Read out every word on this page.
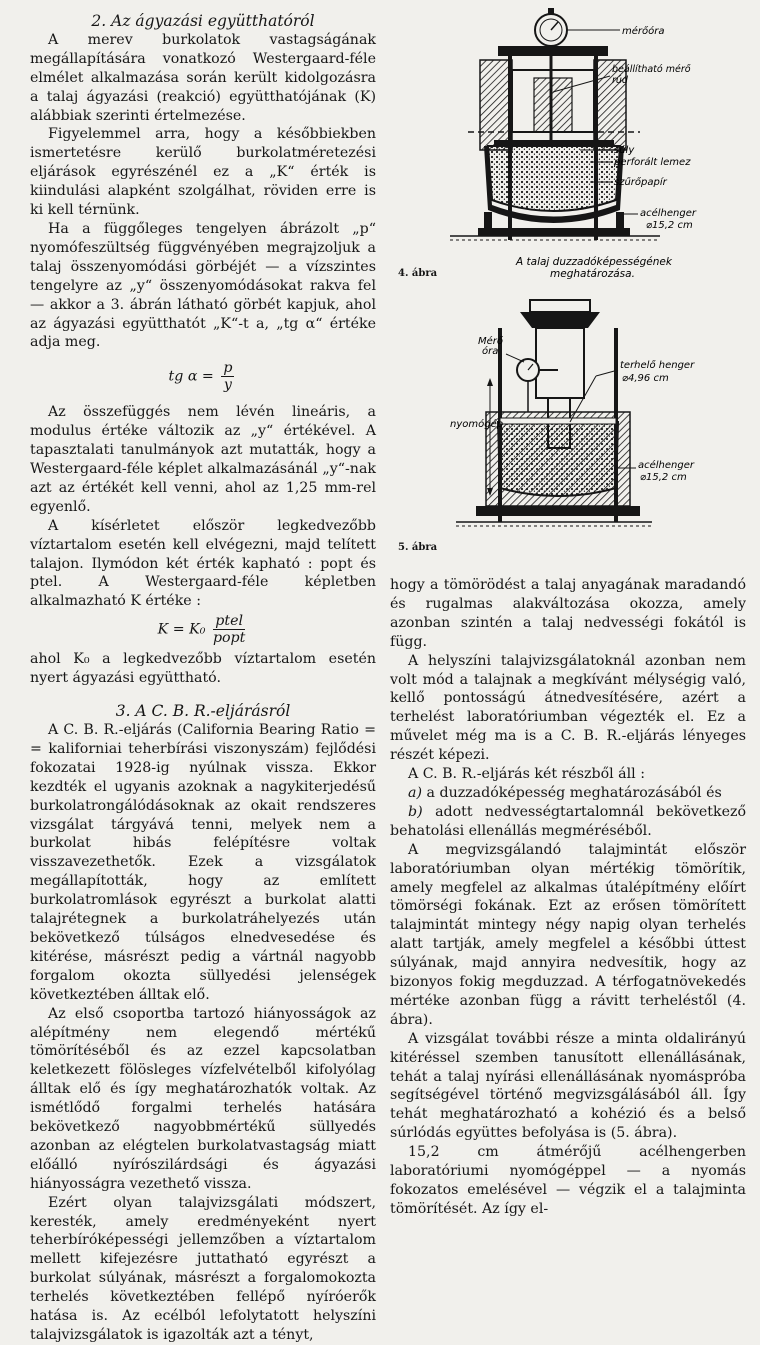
2. Az ágyazási együtthatóról

A merev burkolatok vastagságának megállapítására vonatkozó Westergaard-féle elmélet alkalmazása során került kidolgozásra a talaj ágyazási (reakció) együtthatójának (K) alábbiak szerinti értelmezése.

Figyelemmel arra, hogy a későbbiekben ismertetésre kerülő burkolatméretezési eljárások egyrészénél ez a „K“ érték is kiindulási alapként szolgálhat, röviden erre is ki kell térnünk.

Ha a függőleges tengelyen ábrázolt „p“ nyomófeszültség függvényében megrajzoljuk a talaj összenyomódási görbéjét — a vízszintes tengelyre az „y“ összenyomódásokat rakva fel — akkor a 3. ábrán látható görbét kapjuk, ahol az ágyazási együtthatót „K“-t a, „tg α“ értéke adja meg.

tg $\alpha = \frac{p}{y}$

Az összefüggés nem lévén lineáris, a modulus értéke változik az „y“ értékével. A tapasztalati tanulmányok azt mutatták, hogy a Westergaard-féle képlet alkalmazásánál „y“-nak azt az értékét kell venni, ahol az 1,25 mm-rel egyenlő.

A kísérletet először legkedvezőbb víztartalom esetén kell elvégezni, majd telített talajon. Ilymódon két érték kapható : popt és ptel. A Westergaard-féle képletben alkalmazható K értéke :

$K = K_0 \frac{\text{ptel}}{\text{popt}}$

ahol K₀ a legkedvezőbb víztartalom esetén nyert ágyazási együttható.

3. A C. B. R.-eljárásról

A C. B. R.-eljárás (California Bearing Ratio = = kaliforniai teherbírási viszonyszám) fejlődési fokozatai 1928-ig nyúlnak vissza. Ekkor kezdték el ugyanis azoknak a nagykiterjedésű burkolatrongálódásoknak az okait rendszeres vizsgálat tárgyává tenni, melyek nem a burkolat hibás felépítésre voltak visszavezethetők. Ezek a vizsgálatok megállapították, hogy az említett burkolatromlások egyrészt a burkolat alatti talajrétegnek a burkolatráhelyezés után bekövetkező túlságos elnedvesedése és kitérése, másrészt pedig a vártnál nagyobb forgalom okozta süllyedési jelenségek következtében álltak elő.

Az első csoportba tartozó hiányosságok az alépítmény nem elegendő mértékű tömörítéséből és az ezzel kapcsolatban keletkezett fölösleges vízfelvételből kifolyólag álltak elő és így meghatározhatók voltak. Az ismétlődő forgalmi terhelés hatására bekövetkező nagyobbmértékű süllyedés azonban az elégtelen burkolatvastagság miatt előálló nyírószilárdsági és ágyazási hiányosságra vezethető vissza.

Ezért olyan talajvizsgálati módszert, keresték, amely eredményeként nyert teherbíróképességi jellemzőben a víztartalom mellett kifejezésre juttatható egyrészt a burkolat súlyának, másrészt a forgalomokozta terhelés következtében fellépő nyíróerők hatása is. Az ecélból lefolytatott helyszíni talajvizsgálatok is igazolták azt a tényt,

mérőóra
beállítható mérő
rúd
súly
perforált lemez
szűrőpapír
acélhenger
⌀15,2 cm
A talaj duzzadóképességének
meghatározása.
4. ábra
Mérő
óra
terhelő henger
⌀4,96 cm
nyomógép
acélhenger
⌀15,2 cm
5. ábra

hogy a tömörödést a talaj anyagának maradandó és rugalmas alakváltozása okozza, amely azonban szintén a talaj nedvességi fokától is függ.

A helyszíni talajvizsgálatoknál azonban nem volt mód a talajnak a megkívánt mélységig való, kellő pontosságú átnedvesítésére, azért a terhelést laboratóriumban végezték el. Ez a művelet még ma is a C. B. R.-eljárás lényeges részét képezi.

A C. B. R.-eljárás két részből áll :

a) a duzzadóképesség meghatározásából és

b) adott nedvességtartalomnál bekövetkező behatolási ellenállás megméréséből.

A megvizsgálandó talajmintát először laboratóriumban olyan mértékig tömörítik, amely megfelel az alkalmas útalépítmény előírt tömörségi fokának. Ezt az erősen tömörített talajmintát mintegy négy napig olyan terhelés alatt tartják, amely megfelel a későbbi úttest súlyának, majd annyira nedvesítik, hogy az bizonyos fokig megduzzad. A térfogatnövekedés mértéke azonban függ a rávitt terheléstől (4. ábra).

A vizsgálat további része a minta oldalirányú kitéréssel szemben tanusított ellenállásának, tehát a talaj nyírási ellenállásának nyomáspróba segítségével történő megvizsgálásából áll. Így tehát meghatározható a kohézió és a belső súrlódás együttes befolyása is (5. ábra).

15,2 cm átmérőjű acélhengerben laboratóriumi nyomógéppel — a nyomás fokozatos emelésével — végzik el a talajminta tömörítését. Az így el-
